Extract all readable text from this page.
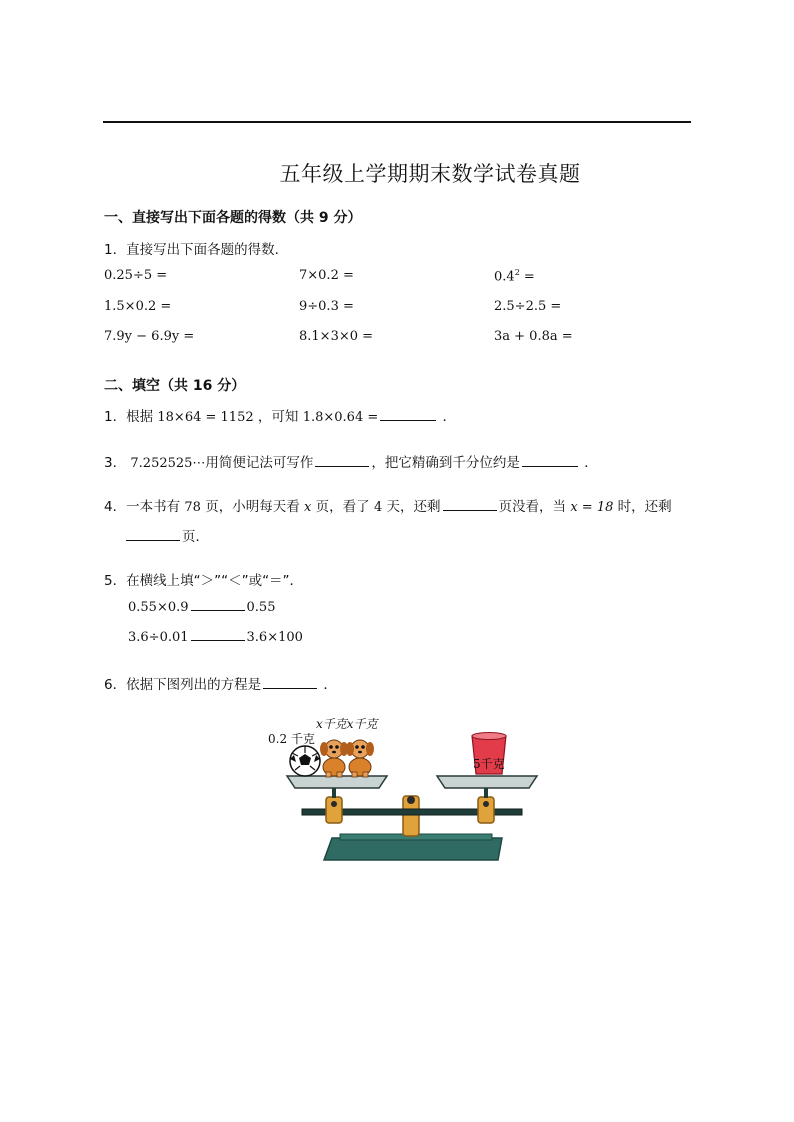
五年级上学期期末数学试卷真题
一、直接写出下面各题的得数（共 9 分）
1．直接写出下面各题的得数．
0.25÷5 =	7×0.2 =	$0.4^2$ =
1.5×0.2 =	9÷0.3 =	2.5÷2.5 =
7.9y − 6.9y =	8.1×3×0 =	3a + 0.8a =
二、填空（共 16 分）
1．根据 18×64 = 1152 ，可知 1.8×0.64 =	．
3． 7.252525⋯用简便记法可写作	，把它精确到千分位约是	．
4．一本书有 78 页，小明每天看 x 页，看了 4 天，还剩	页没看，当 x = 18 时，还剩
页．
5．在横线上填“＞”“＜”或“＝”．
0.55×0.9	0.55
3.6÷0.01	3.6×100
6．依据下图列出的方程是	．
0.2 千克
x千克x千克
5千克
